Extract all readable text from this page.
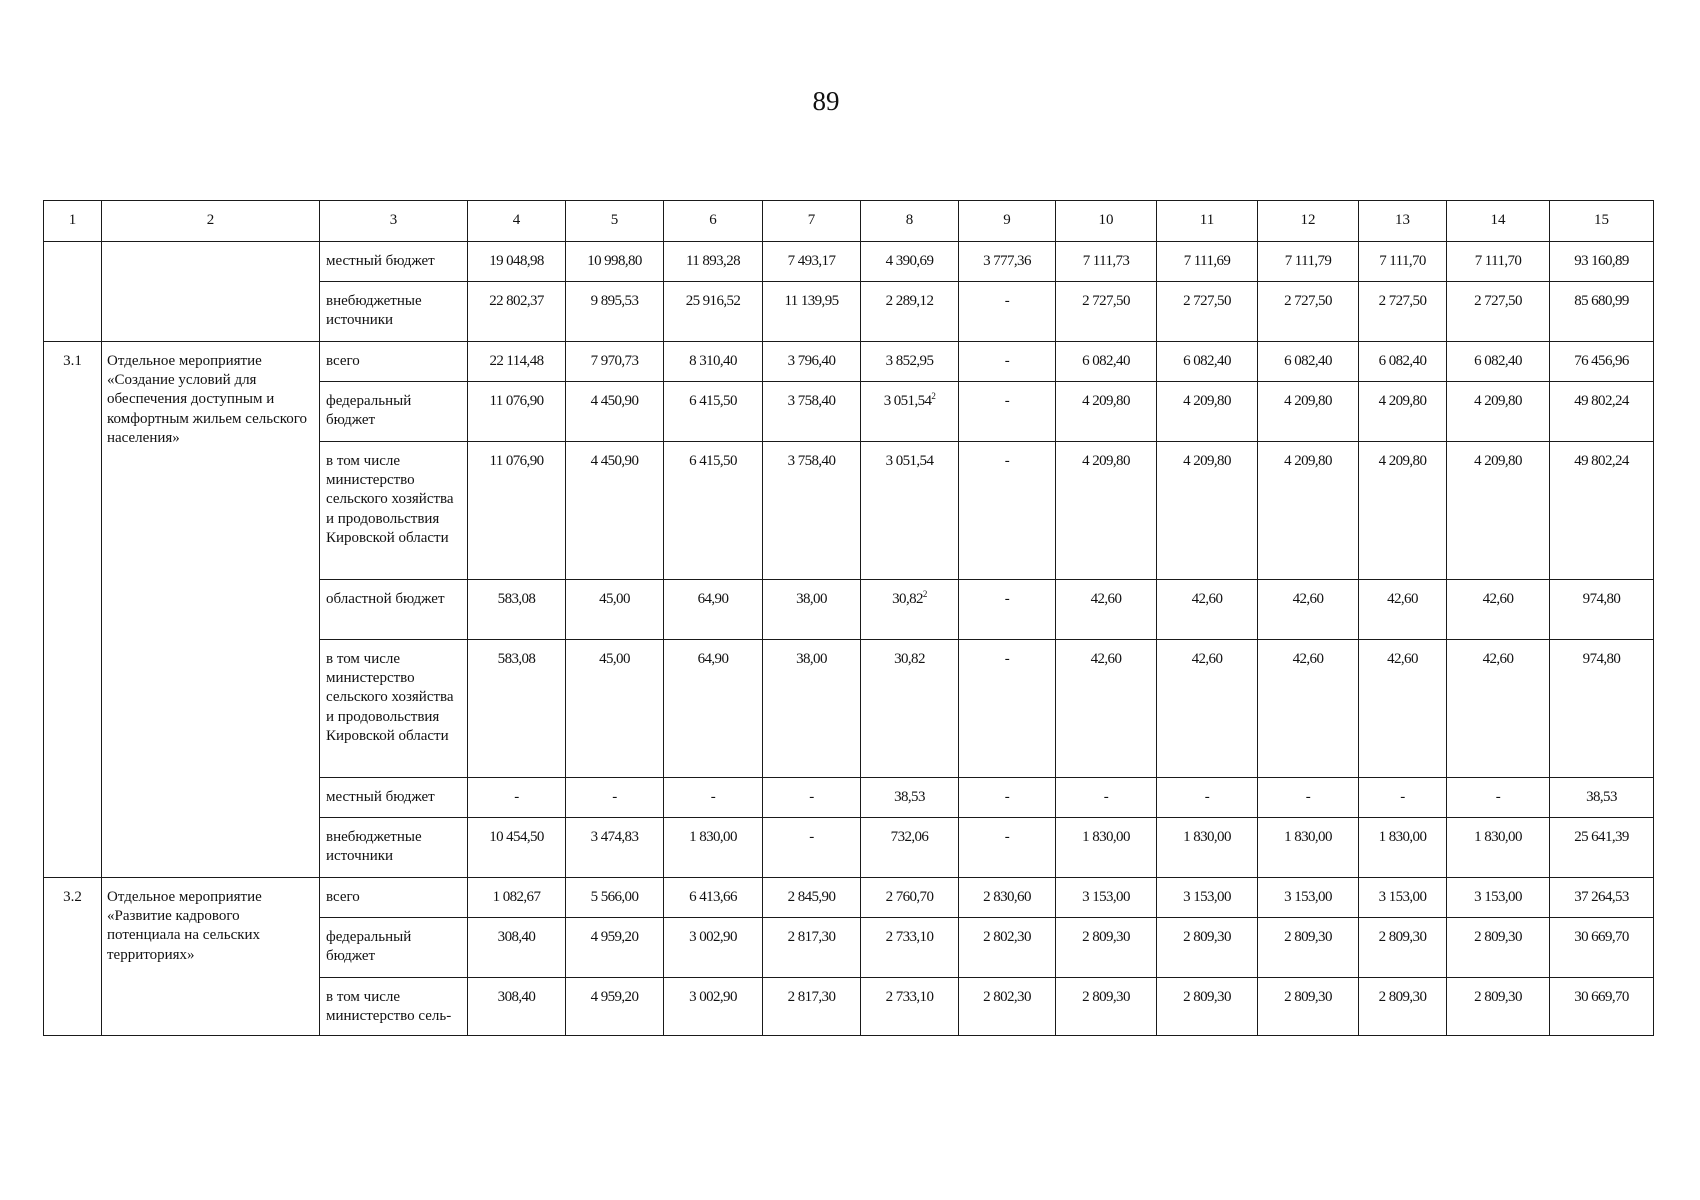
89
1	2	3	4	5	6	7	8	9	10	11	12	13	14	15
		местный бюджет	19 048,98	10 998,80	11 893,28	7 493,17	4 390,69	3 777,36	7 111,73	7 111,69	7 111,79	7 111,70	7 111,70	93 160,89
		внебюджетные источники	22 802,37	9 895,53	25 916,52	11 139,95	2 289,12	-	2 727,50	2 727,50	2 727,50	2 727,50	2 727,50	85 680,99
3.1	Отдельное мероприятие «Создание условий для обеспечения доступным и комфортным жильем сельского населения»	всего	22 114,48	7 970,73	8 310,40	3 796,40	3 852,95	-	6 082,40	6 082,40	6 082,40	6 082,40	6 082,40	76 456,96
		федеральный бюджет	11 076,90	4 450,90	6 415,50	3 758,40	3 051,54$^2$	-	4 209,80	4 209,80	4 209,80	4 209,80	4 209,80	49 802,24
		в том числе министерство сельского хозяйства и продовольствия Кировской области	11 076,90	4 450,90	6 415,50	3 758,40	3 051,54	-	4 209,80	4 209,80	4 209,80	4 209,80	4 209,80	49 802,24
		областной бюджет	583,08	45,00	64,90	38,00	30,82$^2$	-	42,60	42,60	42,60	42,60	42,60	974,80
		в том числе министерство сельского хозяйства и продовольствия Кировской области	583,08	45,00	64,90	38,00	30,82	-	42,60	42,60	42,60	42,60	42,60	974,80
		местный бюджет	-	-	-	-	38,53	-	-	-	-	-	-	38,53
		внебюджетные источники	10 454,50	3 474,83	1 830,00	-	732,06	-	1 830,00	1 830,00	1 830,00	1 830,00	1 830,00	25 641,39
3.2	Отдельное мероприятие «Развитие кадрового потенциала на сельских территориях»	всего	1 082,67	5 566,00	6 413,66	2 845,90	2 760,70	2 830,60	3 153,00	3 153,00	3 153,00	3 153,00	3 153,00	37 264,53
		федеральный бюджет	308,40	4 959,20	3 002,90	2 817,30	2 733,10	2 802,30	2 809,30	2 809,30	2 809,30	2 809,30	2 809,30	30 669,70
		в том числе министерство сель-	308,40	4 959,20	3 002,90	2 817,30	2 733,10	2 802,30	2 809,30	2 809,30	2 809,30	2 809,30	2 809,30	30 669,70
